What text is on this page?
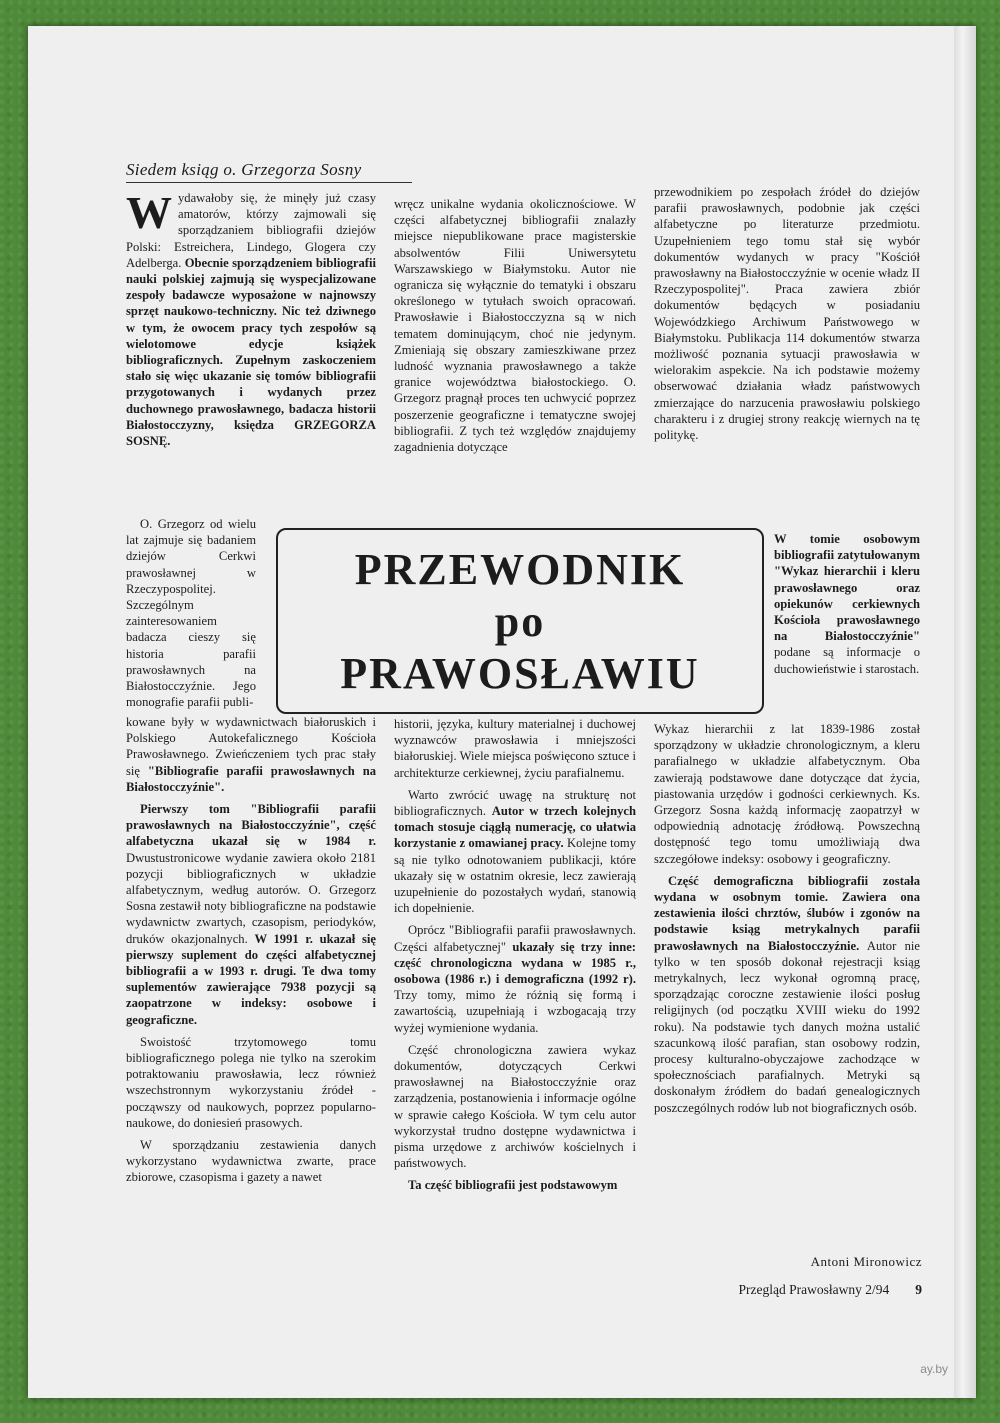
Siedem ksiąg o. Grzegorza Sosny

Wydawałoby się, że minęły już czasy amatorów, którzy zajmowali się sporządzaniem bibliografii dziejów Polski: Estreichera, Lindego, Glogera czy Adelberga. Obecnie sporządzeniem bibliografii nauki polskiej zajmują się wyspecjalizowane zespoły badawcze wyposażone w najnowszy sprzęt naukowo-techniczny. Nic też dziwnego w tym, że owocem pracy tych zespołów są wielotomowe edycje książek bibliograficznych. Zupełnym zaskoczeniem stało się więc ukazanie się tomów bibliografii przygotowanych i wydanych przez duchownego prawosławnego, badacza historii Białostocczyzny, księdza GRZEGORZA SOSNĘ.

O. Grzegorz od wielu lat zajmuje się badaniem dziejów Cerkwi prawosławnej w Rzeczypospolitej. Szczególnym zainteresowaniem badacza cieszy się historia parafii prawosławnych na Białostocczyźnie. Jego monografie parafii publi-

kowane były w wydawnictwach białoruskich i Polskiego Autokefalicznego Kościoła Prawosławnego. Zwieńczeniem tych prac stały się "Bibliografie parafii prawosławnych na Białostocczyźnie".

Pierwszy tom "Bibliografii parafii prawosławnych na Białostocczyźnie", część alfabetyczna ukazał się w 1984 r. Dwustustronicowe wydanie zawiera około 2181 pozycji bibliograficznych w układzie alfabetycznym, według autorów. O. Grzegorz Sosna zestawił noty bibliograficzne na podstawie wydawnictw zwartych, czasopism, periodyków, druków okazjonalnych. W 1991 r. ukazał się pierwszy suplement do części alfabetycznej bibliografii a w 1993 r. drugi. Te dwa tomy suplementów zawierające 7938 pozycji są zaopatrzone w indeksy: osobowe i geograficzne.

Swoistość trzytomowego tomu bibliograficznego polega nie tylko na szerokim potraktowaniu prawosławia, lecz również wszechstronnym wykorzystaniu źródeł - począwszy od naukowych, poprzez popularno-naukowe, do doniesień prasowych.

W sporządzaniu zestawienia danych wykorzystano wydawnictwa zwarte, prace zbiorowe, czasopisma i gazety a nawet

wręcz unikalne wydania okolicznościowe. W części alfabetycznej bibliografii znalazły miejsce niepublikowane prace magisterskie absolwentów Filii Uniwersytetu Warszawskiego w Białymstoku. Autor nie ogranicza się wyłącznie do tematyki i obszaru określonego w tytułach swoich opracowań. Prawosławie i Białostocczyzna są w nich tematem dominującym, choć nie jedynym. Zmieniają się obszary zamieszkiwane przez ludność wyznania prawosławnego a także granice województwa białostockiego. O. Grzegorz pragnął proces ten uchwycić poprzez poszerzenie geograficzne i tematyczne swojej bibliografii. Z tych też względów znajdujemy zagadnienia dotyczące

historii, języka, kultury materialnej i duchowej wyznawców prawosławia i mniejszości białoruskiej. Wiele miejsca poświęcono sztuce i architekturze cerkiewnej, życiu parafialnemu.

Warto zwrócić uwagę na strukturę not bibliograficznych. Autor w trzech kolejnych tomach stosuje ciągłą numerację, co ułatwia korzystanie z omawianej pracy. Kolejne tomy są nie tylko odnotowaniem publikacji, które ukazały się w ostatnim okresie, lecz zawierają uzupełnienie do pozostałych wydań, stanowią ich dopełnienie.

Oprócz "Bibliografii parafii prawosławnych. Części alfabetycznej" ukazały się trzy inne: część chronologiczna wydana w 1985 r., osobowa (1986 r.) i demograficzna (1992 r). Trzy tomy, mimo że różnią się formą i zawartością, uzupełniają i wzbogacają trzy wyżej wymienione wydania.

Część chronologiczna zawiera wykaz dokumentów, dotyczących Cerkwi prawosławnej na Białostocczyźnie oraz zarządzenia, postanowienia i informacje ogólne w sprawie całego Kościoła. W tym celu autor wykorzystał trudno dostępne wydawnictwa i pisma urzędowe z archiwów kościelnych i państwowych.

Ta część bibliografii jest podstawowym

przewodnikiem po zespołach źródeł do dziejów parafii prawosławnych, podobnie jak części alfabetyczne po literaturze przedmiotu. Uzupełnieniem tego tomu stał się wybór dokumentów wydanych w pracy "Kościół prawosławny na Białostocczyźnie w ocenie władz II Rzeczypospolitej". Praca zawiera zbiór dokumentów będących w posiadaniu Wojewódzkiego Archiwum Państwowego w Białymstoku. Publikacja 114 dokumentów stwarza możliwość poznania sytuacji prawosławia w wielorakim aspekcie. Na ich podstawie możemy obserwować działania władz państwowych zmierzające do narzucenia prawosławiu polskiego charakteru i z drugiej strony reakcję wiernych na tę politykę.

W tomie osobowym bibliografii zatytułowanym "Wykaz hierarchii i kleru prawosławnego oraz opiekunów cerkiewnych Kościoła prawosławnego na Białostocczyźnie" podane są informacje o duchowieństwie i starostach.

Wykaz hierarchii z lat 1839-1986 został sporządzony w układzie chronologicznym, a kleru parafialnego w układzie alfabetycznym. Oba zawierają podstawowe dane dotyczące dat życia, piastowania urzędów i godności cerkiewnych. Ks. Grzegorz Sosna każdą informację zaopatrzył w odpowiednią adnotację źródłową. Powszechną dostępność tego tomu umożliwiają dwa szczegółowe indeksy: osobowy i geograficzny.

Część demograficzna bibliografii została wydana w osobnym tomie. Zawiera ona zestawienia ilości chrztów, ślubów i zgonów na podstawie ksiąg metrykalnych parafii prawosławnych na Białostocczyźnie. Autor nie tylko w ten sposób dokonał rejestracji ksiąg metrykalnych, lecz wykonał ogromną pracę, sporządzając coroczne zestawienie ilości posług religijnych (od początku XVIII wieku do 1992 roku). Na podstawie tych danych można ustalić szacunkową ilość parafian, stan osobowy rodzin, procesy kulturalno-obyczajowe zachodzące w społecznościach parafialnych. Metryki są doskonałym źródłem do badań genealogicznych poszczególnych rodów lub not biograficznych osób.

PRZEWODNIK
po
PRAWOSŁAWIU
Antoni Mironowicz
Przegląd Prawosławny 2/94 9
ay.by
